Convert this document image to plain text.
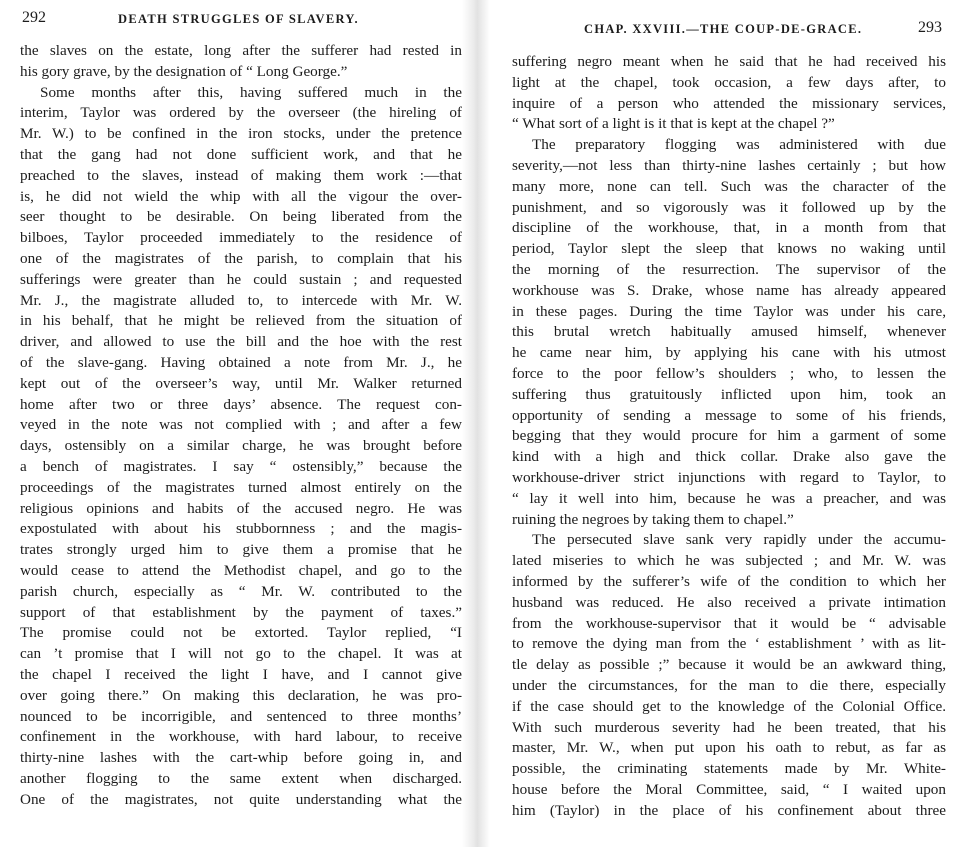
292	DEATH STRUGGLES OF SLAVERY.
the slaves on the estate, long after the sufferer had rested in
his gory grave, by the designation of “ Long George.”
Some months after this, having suffered much in the
interim, Taylor was ordered by the overseer (the hireling of
Mr. W.) to be confined in the iron stocks, under the pretence
that the gang had not done sufficient work, and that he
preached to the slaves, instead of making them work :—that
is, he did not wield the whip with all the vigour the over-
seer thought to be desirable. On being liberated from the
bilboes, Taylor proceeded immediately to the residence of
one of the magistrates of the parish, to complain that his
sufferings were greater than he could sustain ; and requested
Mr. J., the magistrate alluded to, to intercede with Mr. W.
in his behalf, that he might be relieved from the situation of
driver, and allowed to use the bill and the hoe with the rest
of the slave-gang. Having obtained a note from Mr. J., he
kept out of the overseer’s way, until Mr. Walker returned
home after two or three days’ absence. The request con-
veyed in the note was not complied with ; and after a few
days, ostensibly on a similar charge, he was brought before
a bench of magistrates. I say “ ostensibly,” because the
proceedings of the magistrates turned almost entirely on the
religious opinions and habits of the accused negro. He was
expostulated with about his stubbornness ; and the magis-
trates strongly urged him to give them a promise that he
would cease to attend the Methodist chapel, and go to the
parish church, especially as “ Mr. W. contributed to the
support of that establishment by the payment of taxes.”
The promise could not be extorted. Taylor replied, “I
can ’t promise that I will not go to the chapel. It was at
the chapel I received the light I have, and I cannot give
over going there.” On making this declaration, he was pro-
nounced to be incorrigible, and sentenced to three months’
confinement in the workhouse, with hard labour, to receive
thirty-nine lashes with the cart-whip before going in, and
another flogging to the same extent when discharged.
One of the magistrates, not quite understanding what the
CHAP. XXVIII.—THE COUP-DE-GRACE.	293
suffering negro meant when he said that he had received his
light at the chapel, took occasion, a few days after, to
inquire of a person who attended the missionary services,
“ What sort of a light is it that is kept at the chapel ?”
The preparatory flogging was administered with due
severity,—not less than thirty-nine lashes certainly ; but how
many more, none can tell. Such was the character of the
punishment, and so vigorously was it followed up by the
discipline of the workhouse, that, in a month from that
period, Taylor slept the sleep that knows no waking until
the morning of the resurrection. The supervisor of the
workhouse was S. Drake, whose name has already appeared
in these pages. During the time Taylor was under his care,
this brutal wretch habitually amused himself, whenever
he came near him, by applying his cane with his utmost
force to the poor fellow’s shoulders ; who, to lessen the
suffering thus gratuitously inflicted upon him, took an
opportunity of sending a message to some of his friends,
begging that they would procure for him a garment of some
kind with a high and thick collar. Drake also gave the
workhouse-driver strict injunctions with regard to Taylor, to
“ lay it well into him, because he was a preacher, and was
ruining the negroes by taking them to chapel.”
The persecuted slave sank very rapidly under the accumu-
lated miseries to which he was subjected ; and Mr. W. was
informed by the sufferer’s wife of the condition to which her
husband was reduced. He also received a private intimation
from the workhouse-supervisor that it would be “ advisable
to remove the dying man from the ‘ establishment ’ with as lit-
tle delay as possible ;” because it would be an awkward thing,
under the circumstances, for the man to die there, especially
if the case should get to the knowledge of the Colonial Office.
With such murderous severity had he been treated, that his
master, Mr. W., when put upon his oath to rebut, as far as
possible, the criminating statements made by Mr. White-
house before the Moral Committee, said, “ I waited upon
him (Taylor) in the place of his confinement about three
